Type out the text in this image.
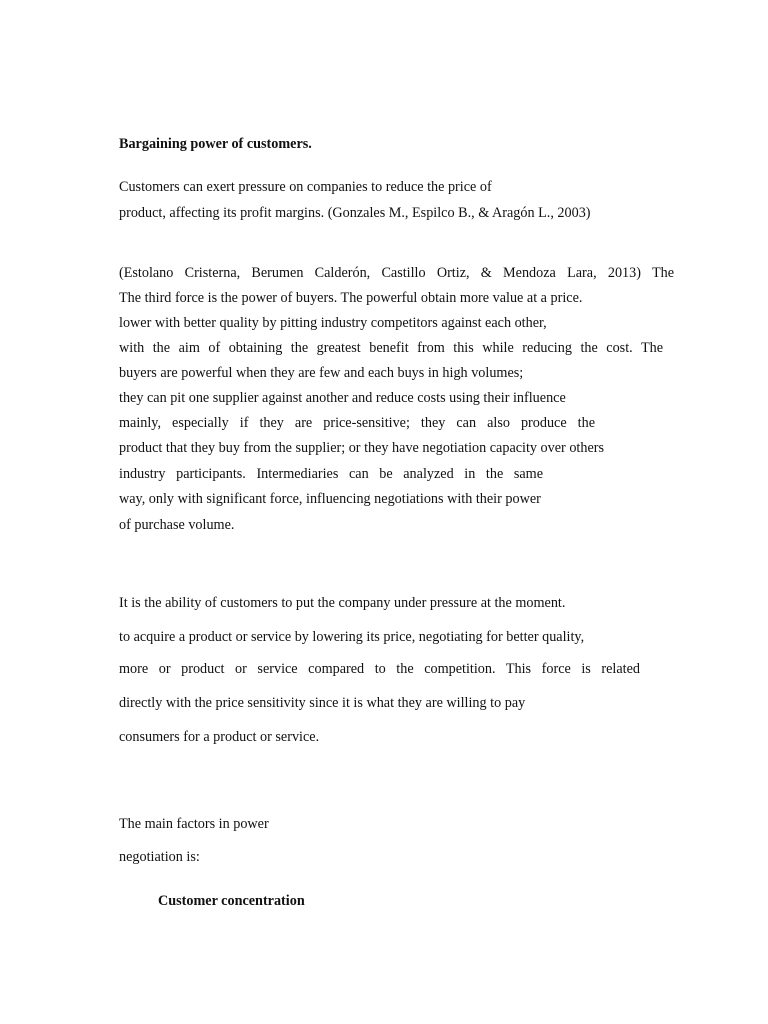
Bargaining power of customers.
Customers can exert pressure on companies to reduce the price of
product, affecting its profit margins. (Gonzales M., Espilco B., & Aragón L., 2003)
(Estolano Cristerna, Berumen Calderón, Castillo Ortiz, & Mendoza Lara, 2013) The
The third force is the power of buyers. The powerful obtain more value at a price.
lower with better quality by pitting industry competitors against each other,
with the aim of obtaining the greatest benefit from this while reducing the cost. The
buyers are powerful when they are few and each buys in high volumes;
they can pit one supplier against another and reduce costs using their influence
mainly, especially if they are price-sensitive; they can also produce the
product that they buy from the supplier; or they have negotiation capacity over others
industry participants. Intermediaries can be analyzed in the same
way, only with significant force, influencing negotiations with their power
of purchase volume.
It is the ability of customers to put the company under pressure at the moment.
to acquire a product or service by lowering its price, negotiating for better quality,
more or product or service compared to the competition. This force is related
directly with the price sensitivity since it is what they are willing to pay
consumers for a product or service.
The main factors in power
negotiation is:
Customer concentration
